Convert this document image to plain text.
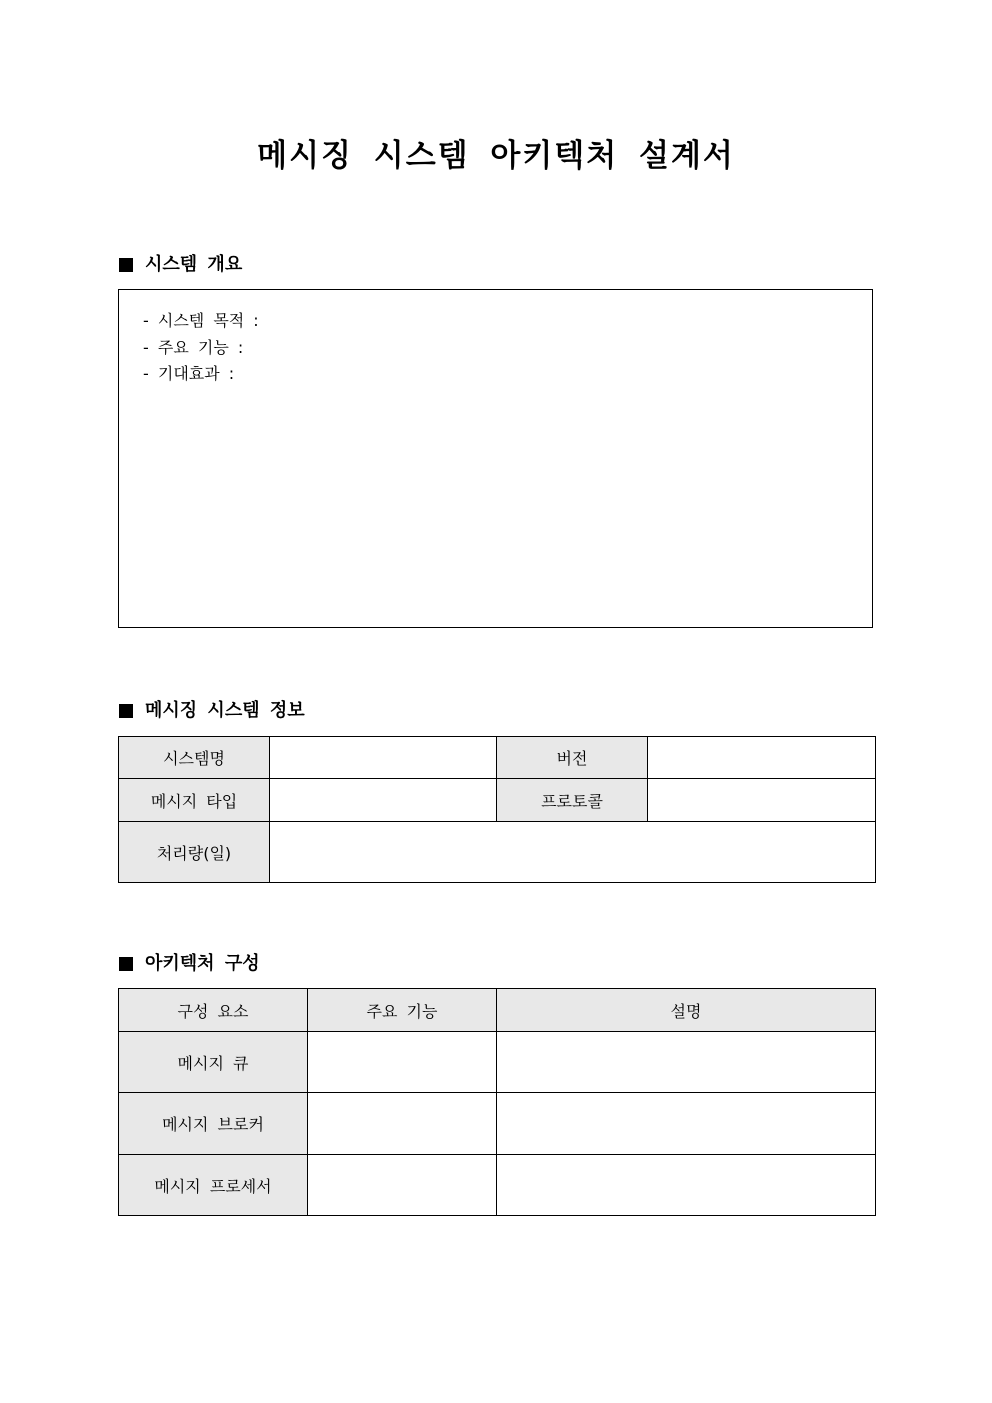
메시징 시스템 아키텍처 설계서
시스템 개요
- 시스템 목적 :
- 주요 기능 :
- 기대효과 :
메시징 시스템 정보
시스템명		버전	
메시지 타입		프로토콜	
처리량(일)			
아키텍처 구성
구성 요소	주요 기능	설명
메시지 큐		
메시지 브로커		
메시지 프로세서		
